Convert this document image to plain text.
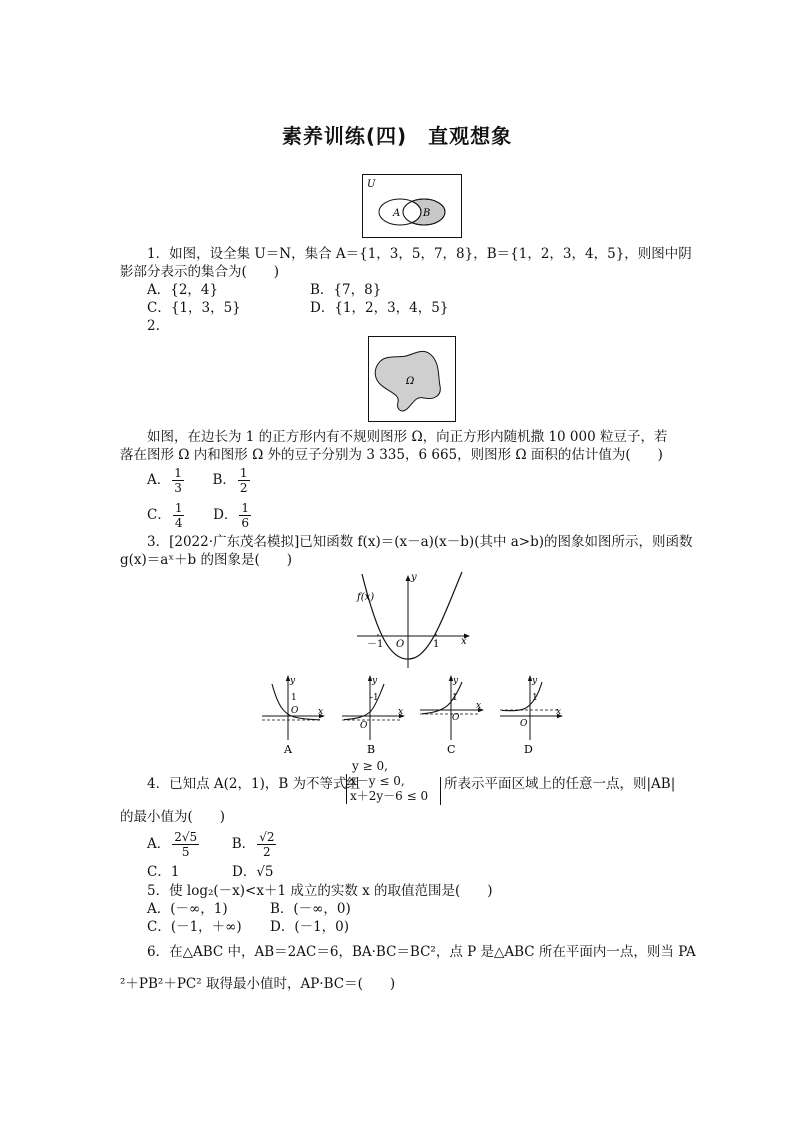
素养训练(四)　直观想象
U
A B
1．如图，设全集 U＝N，集合 A＝{1，3，5，7，8}，B＝{1，2，3，4，5}，则图中阴
影部分表示的集合为(　　)
A．{2，4}	B．{7，8}
C．{1，3，5}	D．{1，2，3，4，5}
2.
Ω
如图，在边长为 1 的正方形内有不规则图形 Ω，向正方形内随机撒 10 000 粒豆子，若
落在图形 Ω 内和图形 Ω 外的豆子分别为 3 335，6 665，则图形 Ω 面积的估计值为(　　)
A． $\frac{1}{3}$ B． $\frac{1}{2}$
C． $\frac{1}{4}$ D． $\frac{1}{6}$
3．[2022·广东茂名模拟]已知函数 f(x)＝(x－a)(x－b)(其中 a>b)的图象如图所示，则函数
g(x)＝aˣ＋b 的图象是(　　)
f(x)
y
x
O
－1	1
y
1
O x
A
y
-1
O
x
B
y
1
O
x
C
y
1
O
x
D
y ≥ 0,
x－y ≤ 0,
x＋2y－6 ≤ 0
4．已知点 A(2，1)，B 为不等式组	所表示平面区域上的任意一点，则|AB|
的最小值为(　　)
A． $\frac{2√5}{5}$ B． $\frac{√2}{2}$
C．1	D．√5
5．使 log₂(－x)<x＋1 成立的实数 x 的取值范围是(　　)
A．(－∞，1)	B．(－∞，0)
C．(－1，＋∞) D．(－1，0)
6．在△ABC 中，AB＝2AC＝6，BA·BC＝BC²，点 P 是△ABC 所在平面内一点，则当 PA
²＋PB²＋PC² 取得最小值时，AP·BC＝(　　)
